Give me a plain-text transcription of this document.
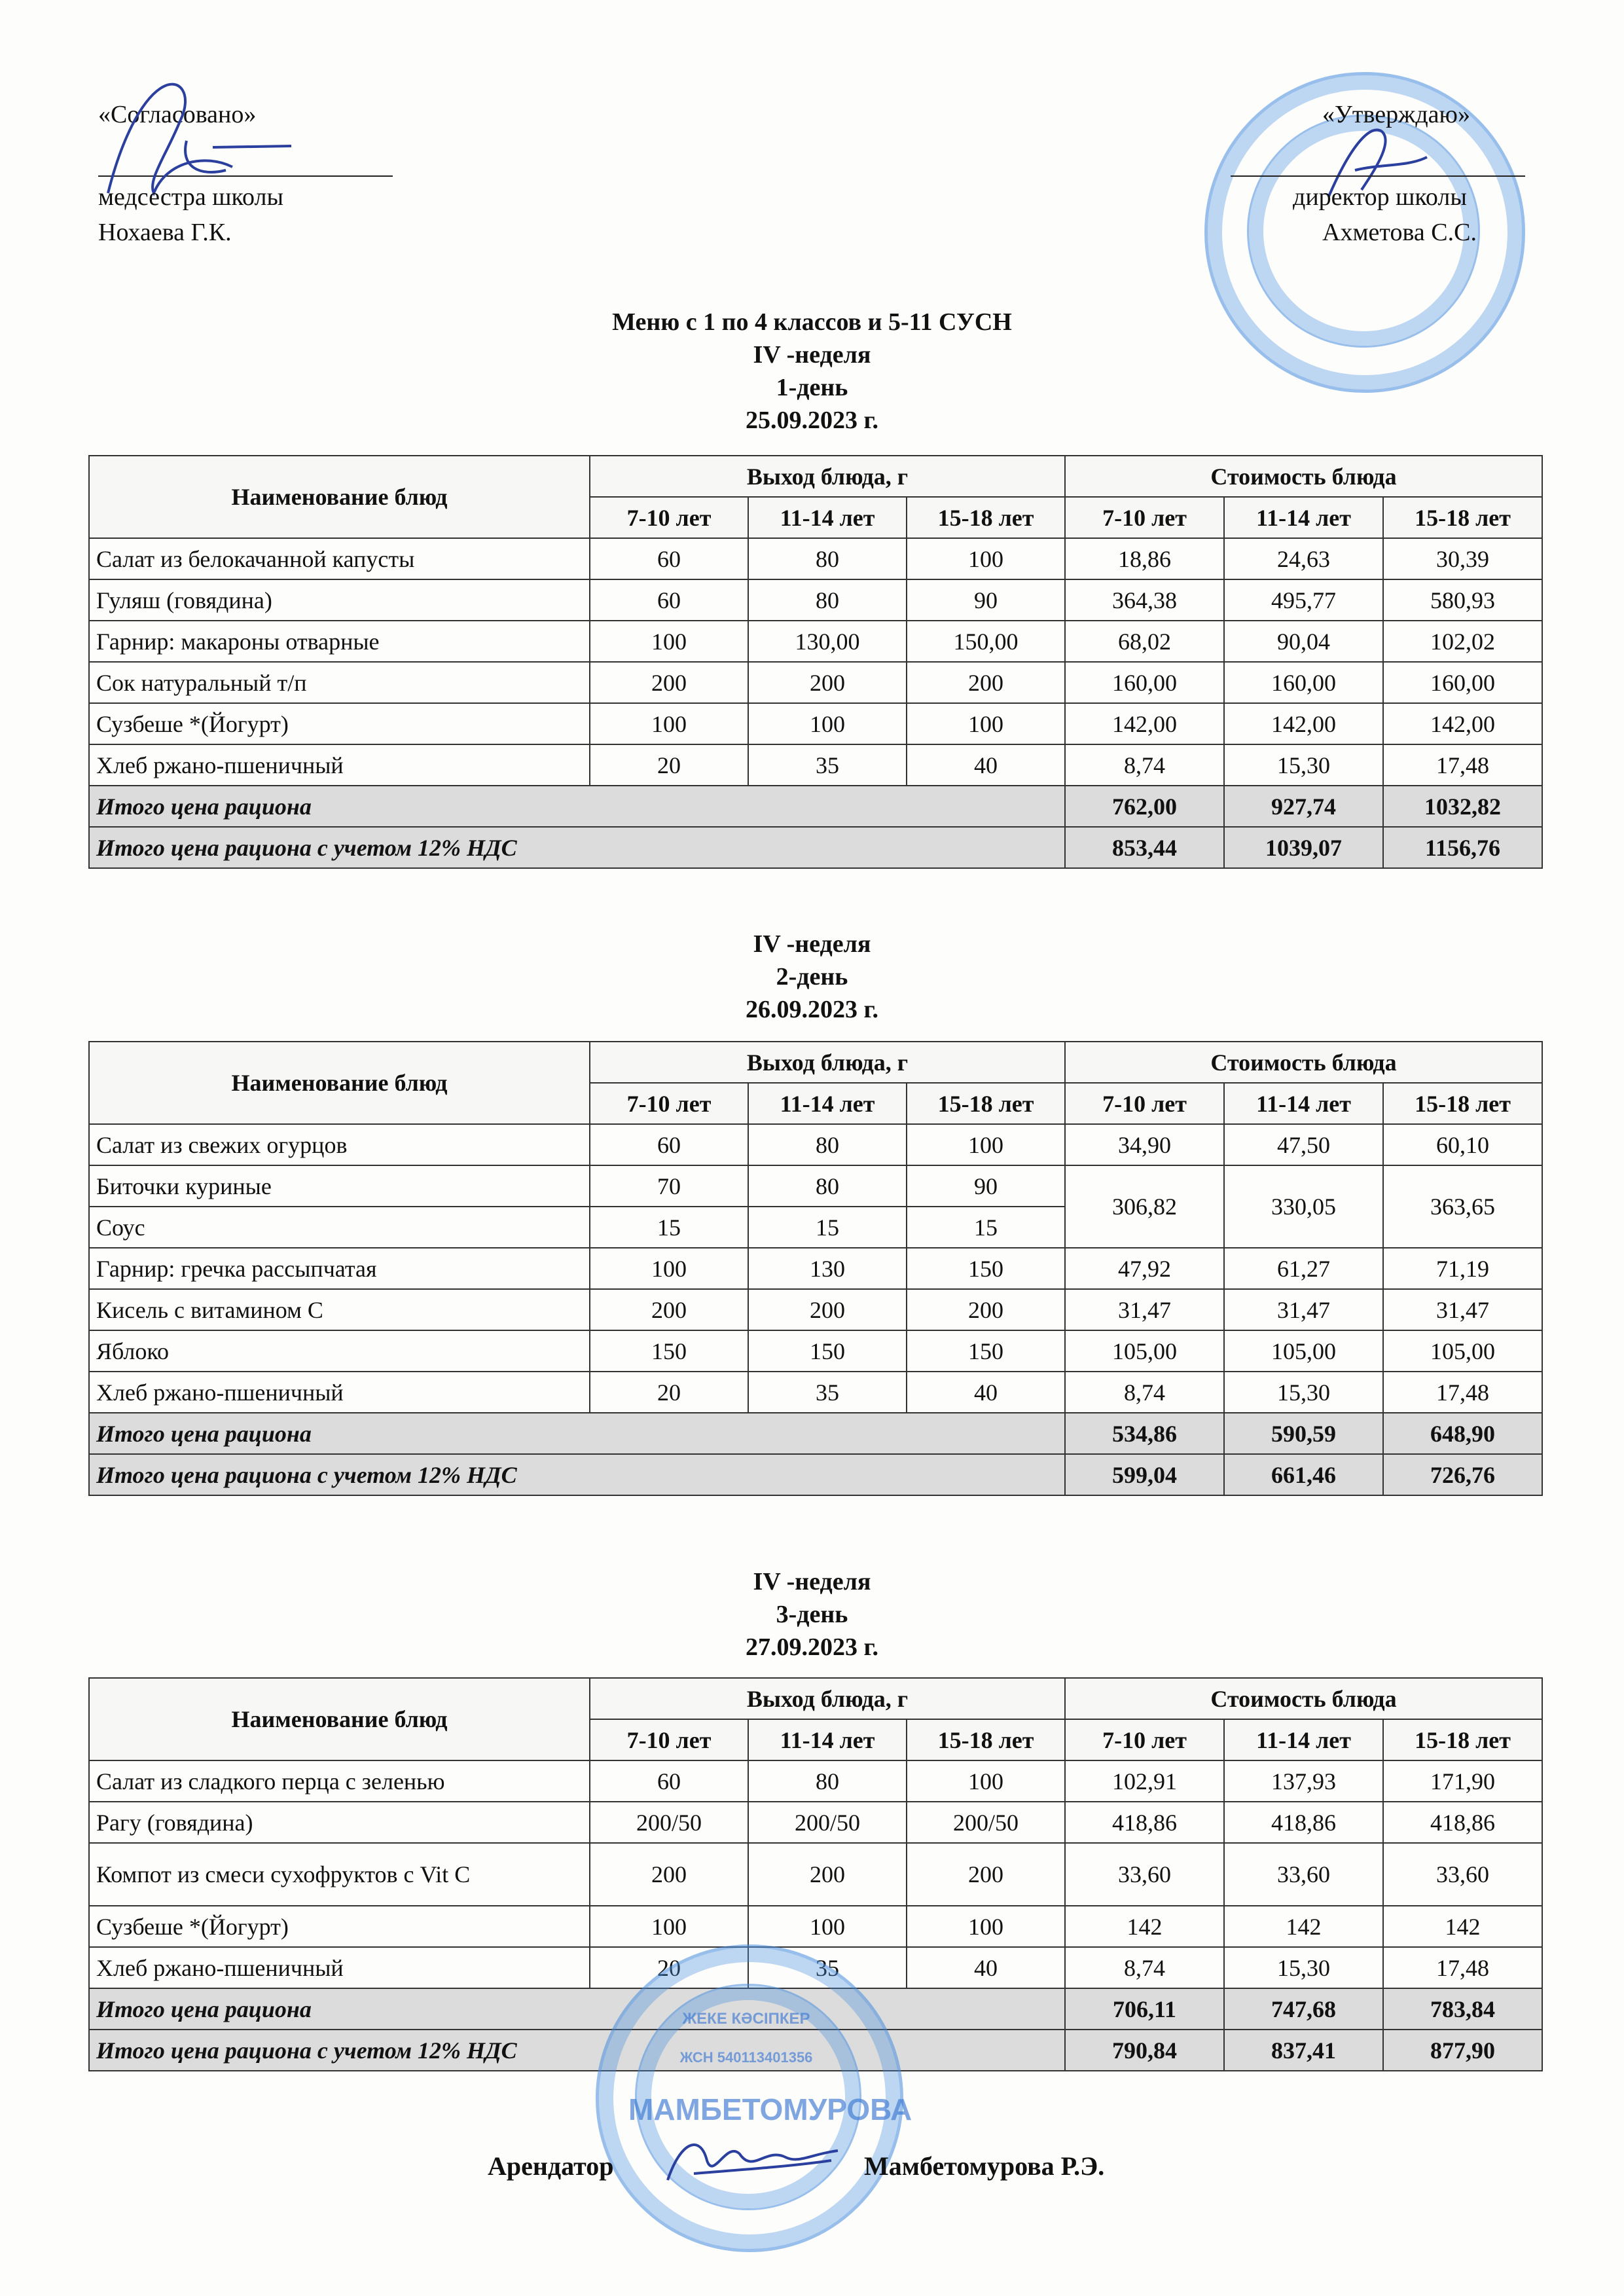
«Согласовано»
медсестра школы
Нохаева Г.К.
«Утверждаю»
директор школы
Ахметова С.С.
Меню с 1 по 4 классов и 5-11 СУСН
IV -неделя
1-день
25.09.2023 г.
Наименование блюд	Выход блюда, г			Стоимость блюда		
	7-10 лет	11-14 лет	15-18 лет	7-10 лет	11-14 лет	15-18 лет
Салат из белокачанной капусты	60	80	100	18,86	24,63	30,39
Гуляш (говядина)	60	80	90	364,38	495,77	580,93
Гарнир: макароны отварные	100	130,00	150,00	68,02	90,04	102,02
Сок натуральный т/п	200	200	200	160,00	160,00	160,00
Сузбеше *(Йогурт)	100	100	100	142,00	142,00	142,00
Хлеб ржано-пшеничный	20	35	40	8,74	15,30	17,48
Итого цена рациона				762,00	927,74	1032,82
Итого цена рациона с учетом 12% НДС				853,44	1039,07	1156,76
IV -неделя
2-день
26.09.2023 г.
Наименование блюд	Выход блюда, г			Стоимость блюда		
	7-10 лет	11-14 лет	15-18 лет	7-10 лет	11-14 лет	15-18 лет
Салат из свежих огурцов	60	80	100	34,90	47,50	60,10
Биточки куриные	70	80	90	306,82	330,05	363,65
Соус	15	15	15			
Гарнир: гречка рассыпчатая	100	130	150	47,92	61,27	71,19
Кисель с витамином С	200	200	200	31,47	31,47	31,47
Яблоко	150	150	150	105,00	105,00	105,00
Хлеб ржано-пшеничный	20	35	40	8,74	15,30	17,48
Итого цена рациона				534,86	590,59	648,90
Итого цена рациона с учетом 12% НДС				599,04	661,46	726,76
IV -неделя
3-день
27.09.2023 г.
Наименование блюд	Выход блюда, г			Стоимость блюда		
	7-10 лет	11-14 лет	15-18 лет	7-10 лет	11-14 лет	15-18 лет
Салат из сладкого перца с зеленью	60	80	100	102,91	137,93	171,90
Рагу (говядина)	200/50	200/50	200/50	418,86	418,86	418,86
Компот из смеси сухофруктов с Vit С	200	200	200	33,60	33,60	33,60
Сузбеше *(Йогурт)	100	100	100	142	142	142
Хлеб ржано-пшеничный	20	35	40	8,74	15,30	17,48
Итого цена рациона				706,11	747,68	783,84
Итого цена рациона с учетом 12% НДС				790,84	837,41	877,90
ЖЕКЕ КӘСІПКЕР
ЖСН 540113401356
МАМБЕТОМУРОВА
Арендатор	Мамбетомурова Р.Э.
